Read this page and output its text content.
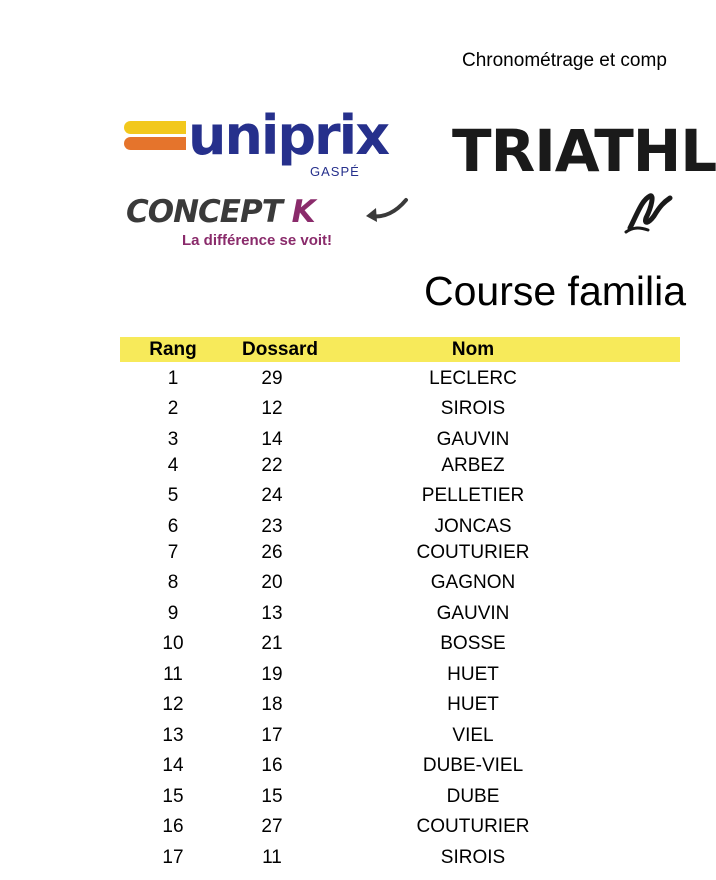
Chronométrage et comp
uniprix
GASPÉ
CONCEPT K
La différence se voit!
TRIATHL
Course familia
Rang	Dossard	Nom
1	29	LECLERC
2	12	SIROIS
3	14	GAUVIN
4	22	ARBEZ
5	24	PELLETIER
6	23	JONCAS
7	26	COUTURIER
8	20	GAGNON
9	13	GAUVIN
10	21	BOSSE
11	19	HUET
12	18	HUET
13	17	VIEL
14	16	DUBE-VIEL
15	15	DUBE
16	27	COUTURIER
17	11	SIROIS
